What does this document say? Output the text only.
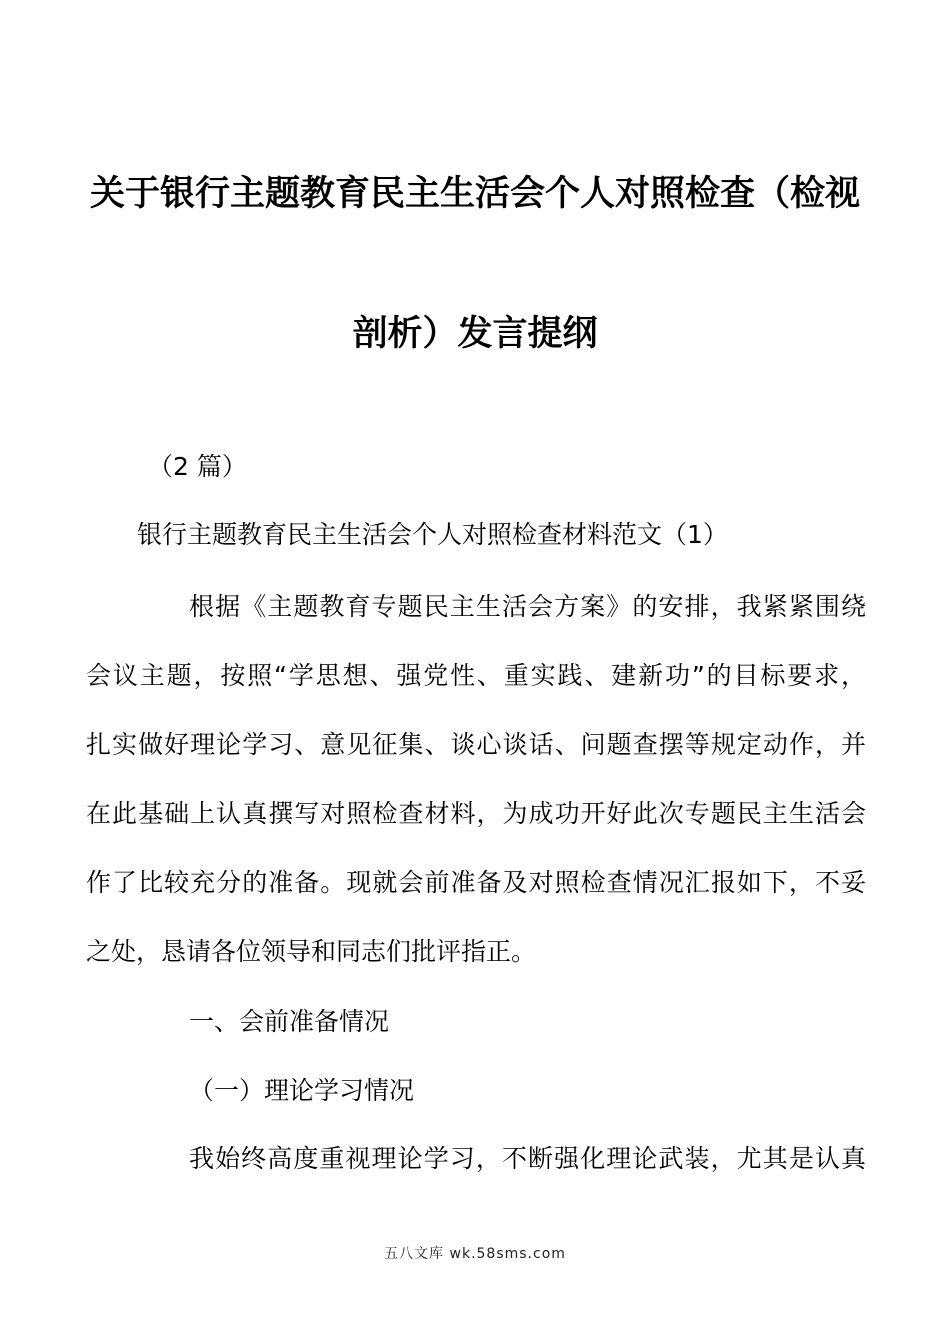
关于银行主题教育民主生活会个人对照检查（检视
剖析）发言提纲
（2 篇）
银行主题教育民主生活会个人对照检查材料范文（1）
根据《主题教育专题民主生活会方案》的安排，我紧紧围绕
会议主题，按照“学思想、强党性、重实践、建新功”的目标要求，
扎实做好理论学习、意见征集、谈心谈话、问题查摆等规定动作，并
在此基础上认真撰写对照检查材料，为成功开好此次专题民主生活会
作了比较充分的准备。现就会前准备及对照检查情况汇报如下，不妥
之处，恳请各位领导和同志们批评指正。
一、会前准备情况
（一）理论学习情况
我始终高度重视理论学习，不断强化理论武装，尤其是认真
五八文库 wk.58sms.com
